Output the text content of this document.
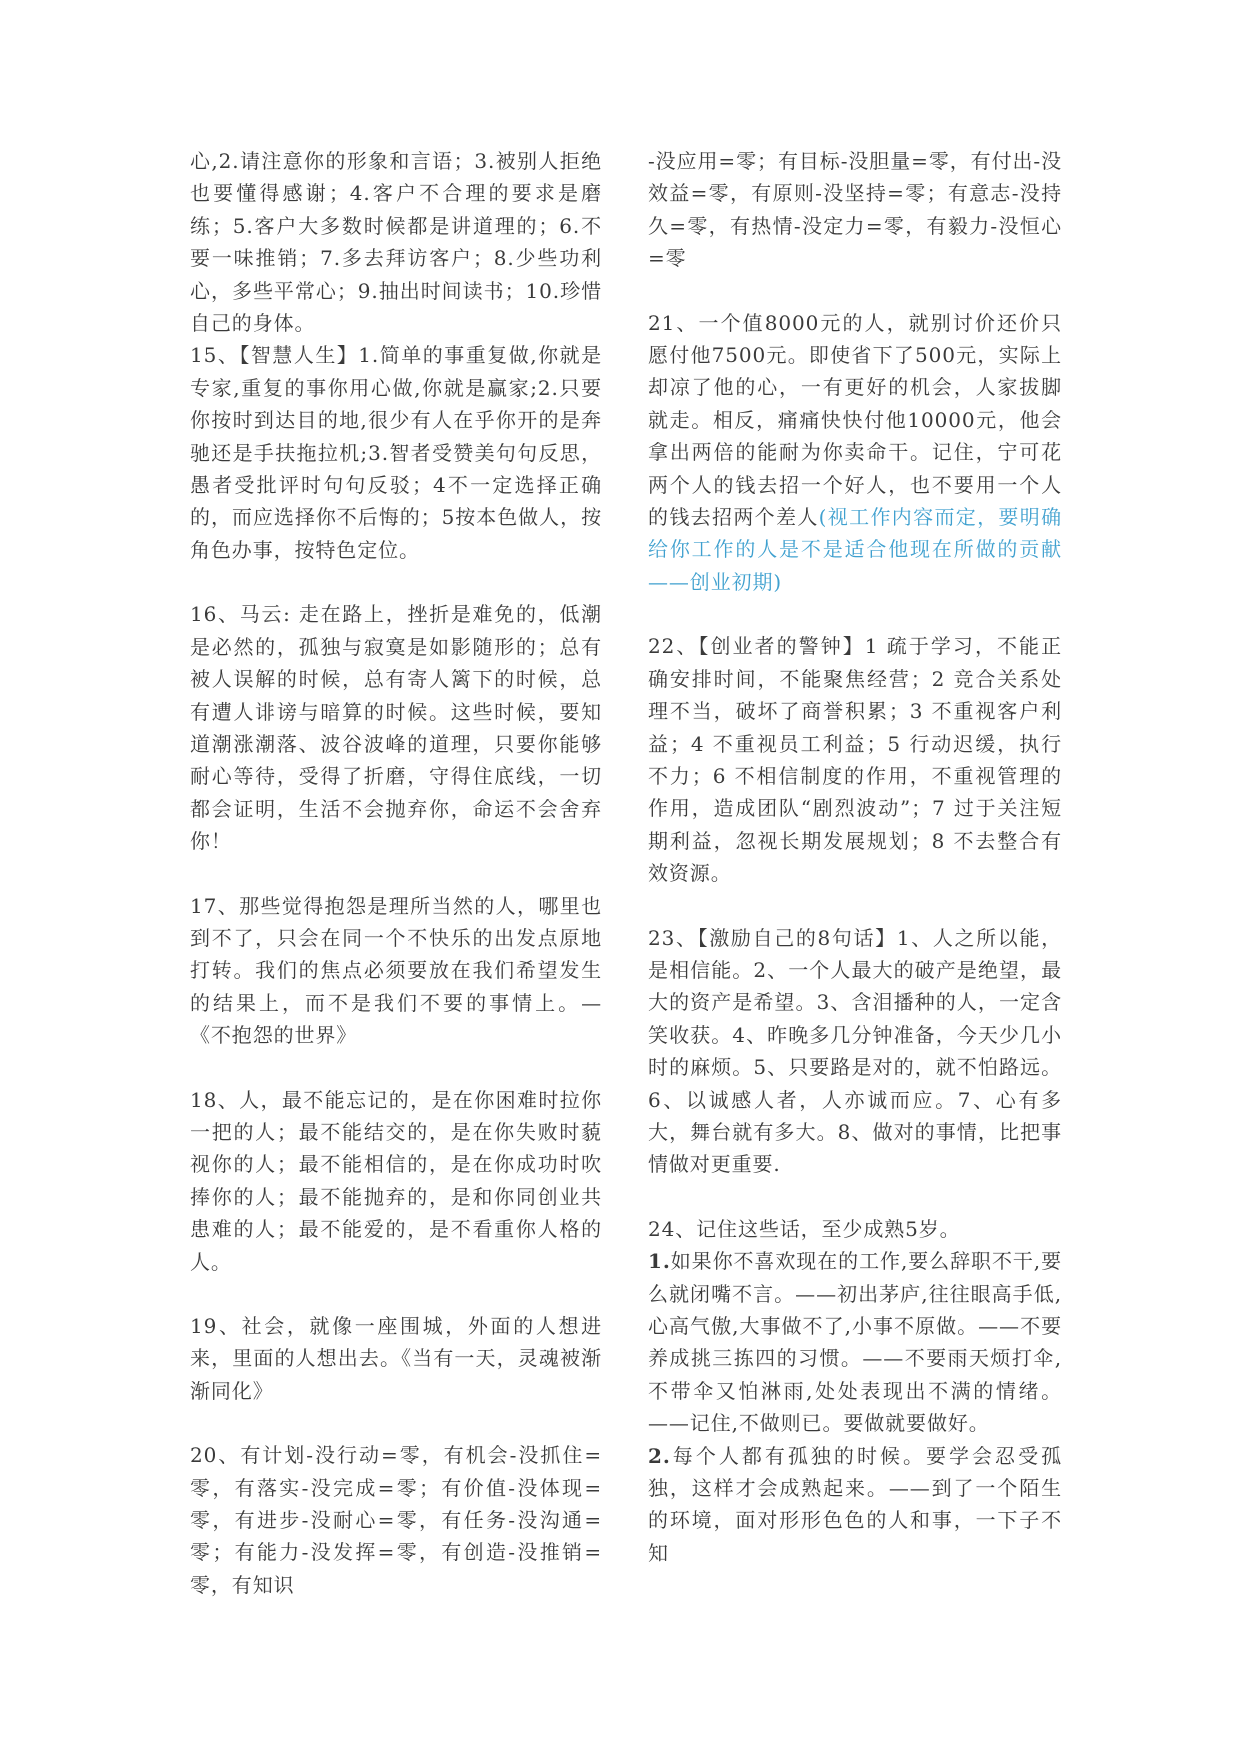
心,2.请注意你的形象和言语；3.被别人拒绝也要懂得感谢；4.客户不合理的要求是磨练；5.客户大多数时候都是讲道理的；6.不要一味推销；7.多去拜访客户；8.少些功利心，多些平常心；9.抽出时间读书；10.珍惜自己的身体。

15、【智慧人生】1.简单的事重复做,你就是专家,重复的事你用心做,你就是赢家;2.只要你按时到达目的地,很少有人在乎你开的是奔驰还是手扶拖拉机;3.智者受赞美句句反思，愚者受批评时句句反驳；4不一定选择正确的，而应选择你不后悔的；5按本色做人，按角色办事，按特色定位。

16、马云: 走在路上，挫折是难免的，低潮是必然的，孤独与寂寞是如影随形的；总有被人误解的时候，总有寄人篱下的时候，总有遭人诽谤与暗算的时候。这些时候，要知道潮涨潮落、波谷波峰的道理，只要你能够耐心等待，受得了折磨，守得住底线，一切都会证明，生活不会抛弃你，命运不会舍弃你！

17、那些觉得抱怨是理所当然的人，哪里也到不了，只会在同一个不快乐的出发点原地打转。我们的焦点必须要放在我们希望发生的结果上，而不是我们不要的事情上。—《不抱怨的世界》

18、人，最不能忘记的，是在你困难时拉你一把的人；最不能结交的，是在你失败时藐视你的人；最不能相信的，是在你成功时吹捧你的人；最不能抛弃的，是和你同创业共患难的人；最不能爱的，是不看重你人格的人。

19、社会，就像一座围城，外面的人想进来，里面的人想出去。《当有一天，灵魂被渐渐同化》

20、有计划-没行动=零，有机会-没抓住=零，有落实-没完成=零；有价值-没体现=零，有进步-没耐心=零，有任务-没沟通=零；有能力-没发挥=零，有创造-没推销=零，有知识

-没应用=零；有目标-没胆量=零，有付出-没效益=零，有原则-没坚持=零；有意志-没持久=零，有热情-没定力=零，有毅力-没恒心=零

21、一个值8000元的人，就别讨价还价只愿付他7500元。即使省下了500元，实际上却凉了他的心，一有更好的机会，人家拔脚就走。相反，痛痛快快付他10000元，他会拿出两倍的能耐为你卖命干。记住，宁可花两个人的钱去招一个好人，也不要用一个人的钱去招两个差人(视工作内容而定，要明确给你工作的人是不是适合他现在所做的贡献——创业初期)

22、【创业者的警钟】1 疏于学习，不能正确安排时间，不能聚焦经营；2 竞合关系处理不当，破坏了商誉积累；3 不重视客户利益；4 不重视员工利益；5 行动迟缓，执行不力；6 不相信制度的作用，不重视管理的作用，造成团队“剧烈波动”；7 过于关注短期利益，忽视长期发展规划；8 不去整合有效资源。

23、【激励自己的8句话】1、人之所以能，是相信能。2、一个人最大的破产是绝望，最大的资产是希望。3、含泪播种的人，一定含笑收获。4、昨晚多几分钟准备，今天少几小时的麻烦。5、只要路是对的，就不怕路远。6、以诚感人者，人亦诚而应。7、心有多大，舞台就有多大。8、做对的事情，比把事情做对更重要.

24、记住这些话，至少成熟5岁。

1.如果你不喜欢现在的工作,要么辞职不干,要么就闭嘴不言。——初出茅庐,往往眼高手低,心高气傲,大事做不了,小事不原做。——不要养成挑三拣四的习惯。——不要雨天烦打伞,不带伞又怕淋雨,处处表现出不满的情绪。——记住,不做则已。要做就要做好。

2.每个人都有孤独的时候。要学会忍受孤独，这样才会成熟起来。——到了一个陌生的环境，面对形形色色的人和事，一下子不知
